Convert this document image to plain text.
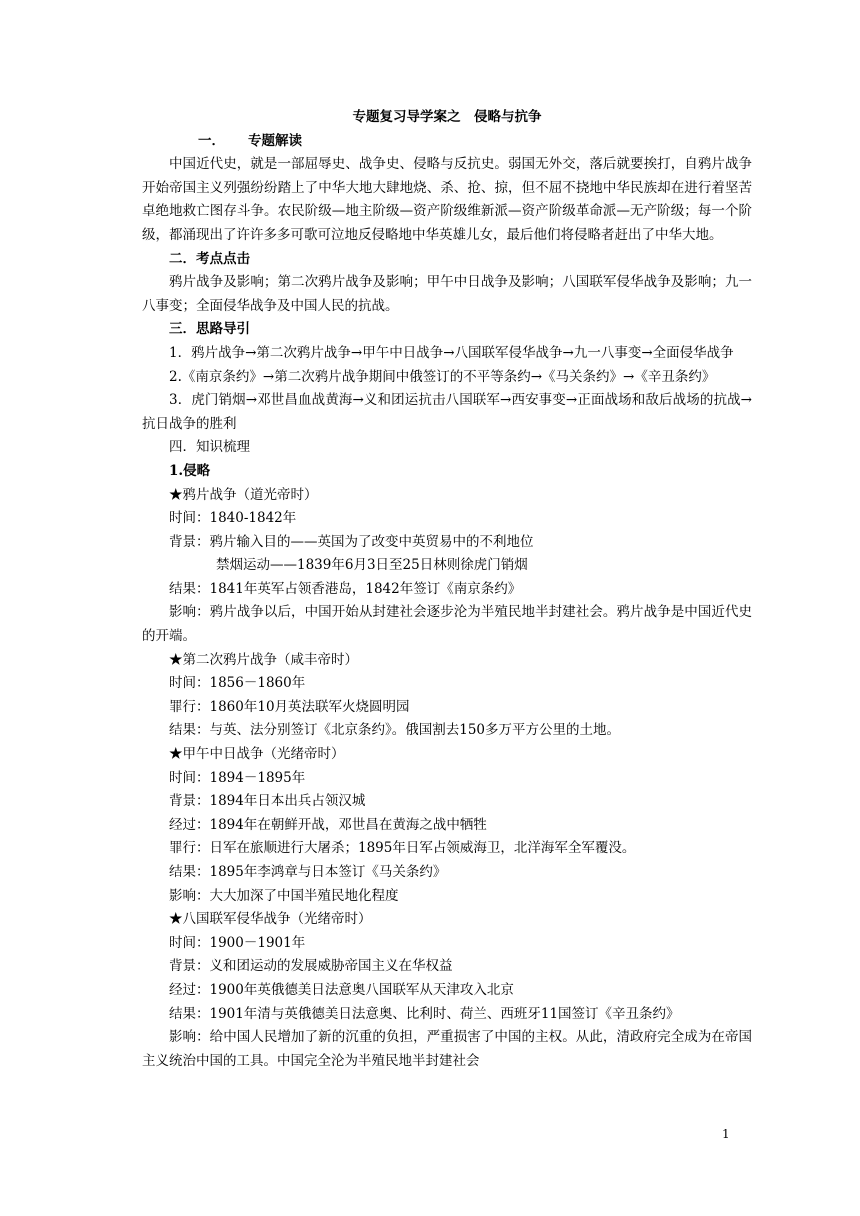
专题复习导学案之　侵略与抗争

一． 专题解读

中国近代史，就是一部屈辱史、战争史、侵略与反抗史。弱国无外交，落后就要挨打，自鸦片战争开始帝国主义列强纷纷踏上了中华大地大肆地烧、杀、抢、掠，但不屈不挠地中华民族却在进行着坚苦卓绝地救亡图存斗争。农民阶级—地主阶级—资产阶级维新派—资产阶级革命派—无产阶级；每一个阶级，都涌现出了许许多多可歌可泣地反侵略地中华英雄儿女，最后他们将侵略者赶出了中华大地。

二．考点点击

鸦片战争及影响；第二次鸦片战争及影响；甲午中日战争及影响；八国联军侵华战争及影响；九一八事变；全面侵华战争及中国人民的抗战。

三．思路导引

1．鸦片战争→第二次鸦片战争→甲午中日战争→八国联军侵华战争→九一八事变→全面侵华战争

2.《南京条约》→第二次鸦片战争期间中俄签订的不平等条约→《马关条约》→《辛丑条约》

3．虎门销烟→邓世昌血战黄海→义和团运抗击八国联军→西安事变→正面战场和敌后战场的抗战→抗日战争的胜利

四．知识梳理

1.侵略

★鸦片战争（道光帝时）

时间：1840-1842年

背景：鸦片输入目的——英国为了改变中英贸易中的不利地位

禁烟运动——1839年6月3日至25日林则徐虎门销烟

结果：1841年英军占领香港岛，1842年签订《南京条约》

影响：鸦片战争以后，中国开始从封建社会逐步沦为半殖民地半封建社会。鸦片战争是中国近代史的开端。

★第二次鸦片战争（咸丰帝时）

时间：1856－1860年

罪行：1860年10月英法联军火烧圆明园

结果：与英、法分别签订《北京条约》。俄国割去150多万平方公里的土地。

★甲午中日战争（光绪帝时）

时间：1894－1895年

背景：1894年日本出兵占领汉城

经过：1894年在朝鲜开战，邓世昌在黄海之战中牺牲

罪行：日军在旅顺进行大屠杀；1895年日军占领威海卫，北洋海军全军覆没。

结果：1895年李鸿章与日本签订《马关条约》

影响：大大加深了中国半殖民地化程度

★八国联军侵华战争（光绪帝时）

时间：1900－1901年

背景：义和团运动的发展威胁帝国主义在华权益

经过：1900年英俄德美日法意奥八国联军从天津攻入北京

结果：1901年清与英俄德美日法意奥、比利时、荷兰、西班牙11国签订《辛丑条约》

影响：给中国人民增加了新的沉重的负担，严重损害了中国的主权。从此，清政府完全成为在帝国主义统治中国的工具。中国完全沦为半殖民地半封建社会

1
